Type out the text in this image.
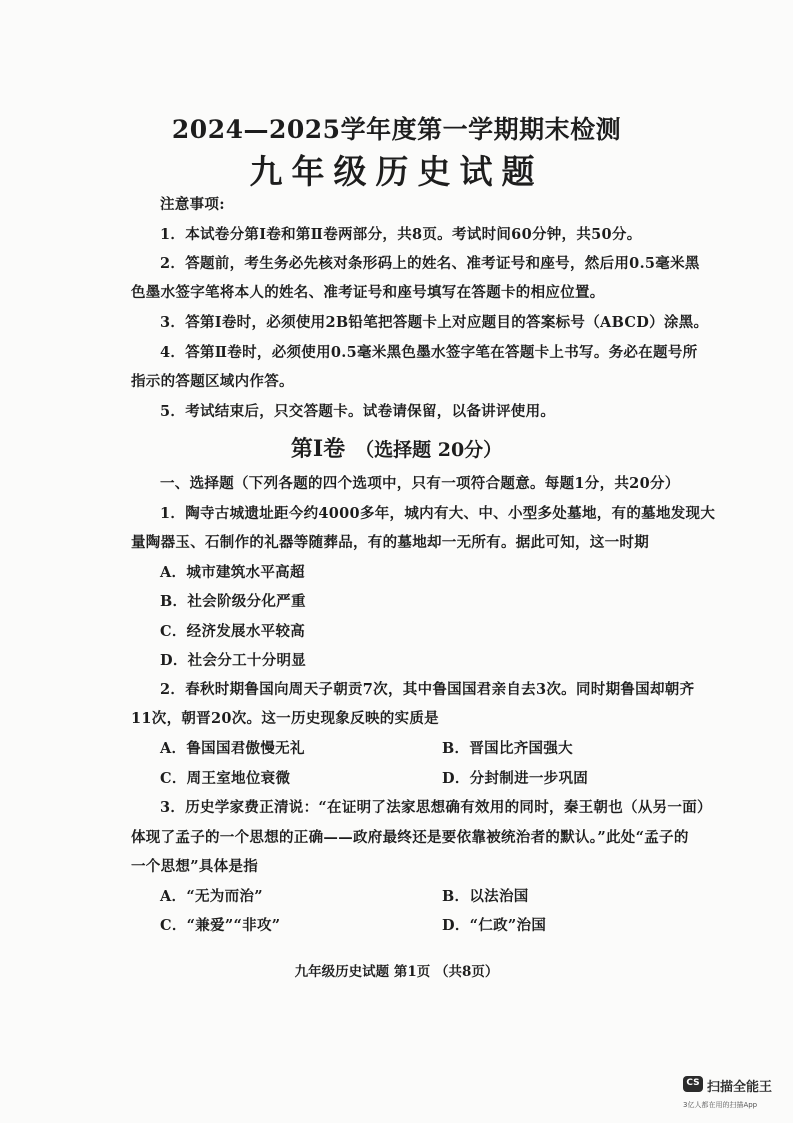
2024—2025学年度第一学期期末检测
九年级历史试题
注意事项:
1．本试卷分第Ⅰ卷和第Ⅱ卷两部分，共8页。考试时间60分钟，共50分。
2．答题前，考生务必先核对条形码上的姓名、准考证号和座号，然后用0.5毫米黑
色墨水签字笔将本人的姓名、准考证号和座号填写在答题卡的相应位置。
3．答第Ⅰ卷时，必须使用2B铅笔把答题卡上对应题目的答案标号（ABCD）涂黑。
4．答第Ⅱ卷时，必须使用0.5毫米黑色墨水签字笔在答题卡上书写。务必在题号所
指示的答题区域内作答。
5．考试结束后，只交答题卡。试卷请保留，以备讲评使用。
第Ⅰ卷 （选择题 20分）
一、选择题（下列各题的四个选项中，只有一项符合题意。每题1分，共20分）
1．陶寺古城遗址距今约4000多年，城内有大、中、小型多处墓地，有的墓地发现大
量陶器玉、石制作的礼器等随葬品，有的墓地却一无所有。据此可知，这一时期
A．城市建筑水平高超
B．社会阶级分化严重
C．经济发展水平较高
D．社会分工十分明显
2．春秋时期鲁国向周天子朝贡7次，其中鲁国国君亲自去3次。同时期鲁国却朝齐
11次，朝晋20次。这一历史现象反映的实质是
A．鲁国国君傲慢无礼	B．晋国比齐国强大
C．周王室地位衰微	D．分封制进一步巩固
3．历史学家费正清说：“在证明了法家思想确有效用的同时，秦王朝也（从另一面）
体现了孟子的一个思想的正确——政府最终还是要依靠被统治者的默认。”此处“孟子的
一个思想”具体是指
A．“无为而治”	B．以法治国
C．“兼爱”“非攻”	D．“仁政”治国
九年级历史试题 第1页 （共8页）
CS 扫描全能王
3亿人都在用的扫描App
